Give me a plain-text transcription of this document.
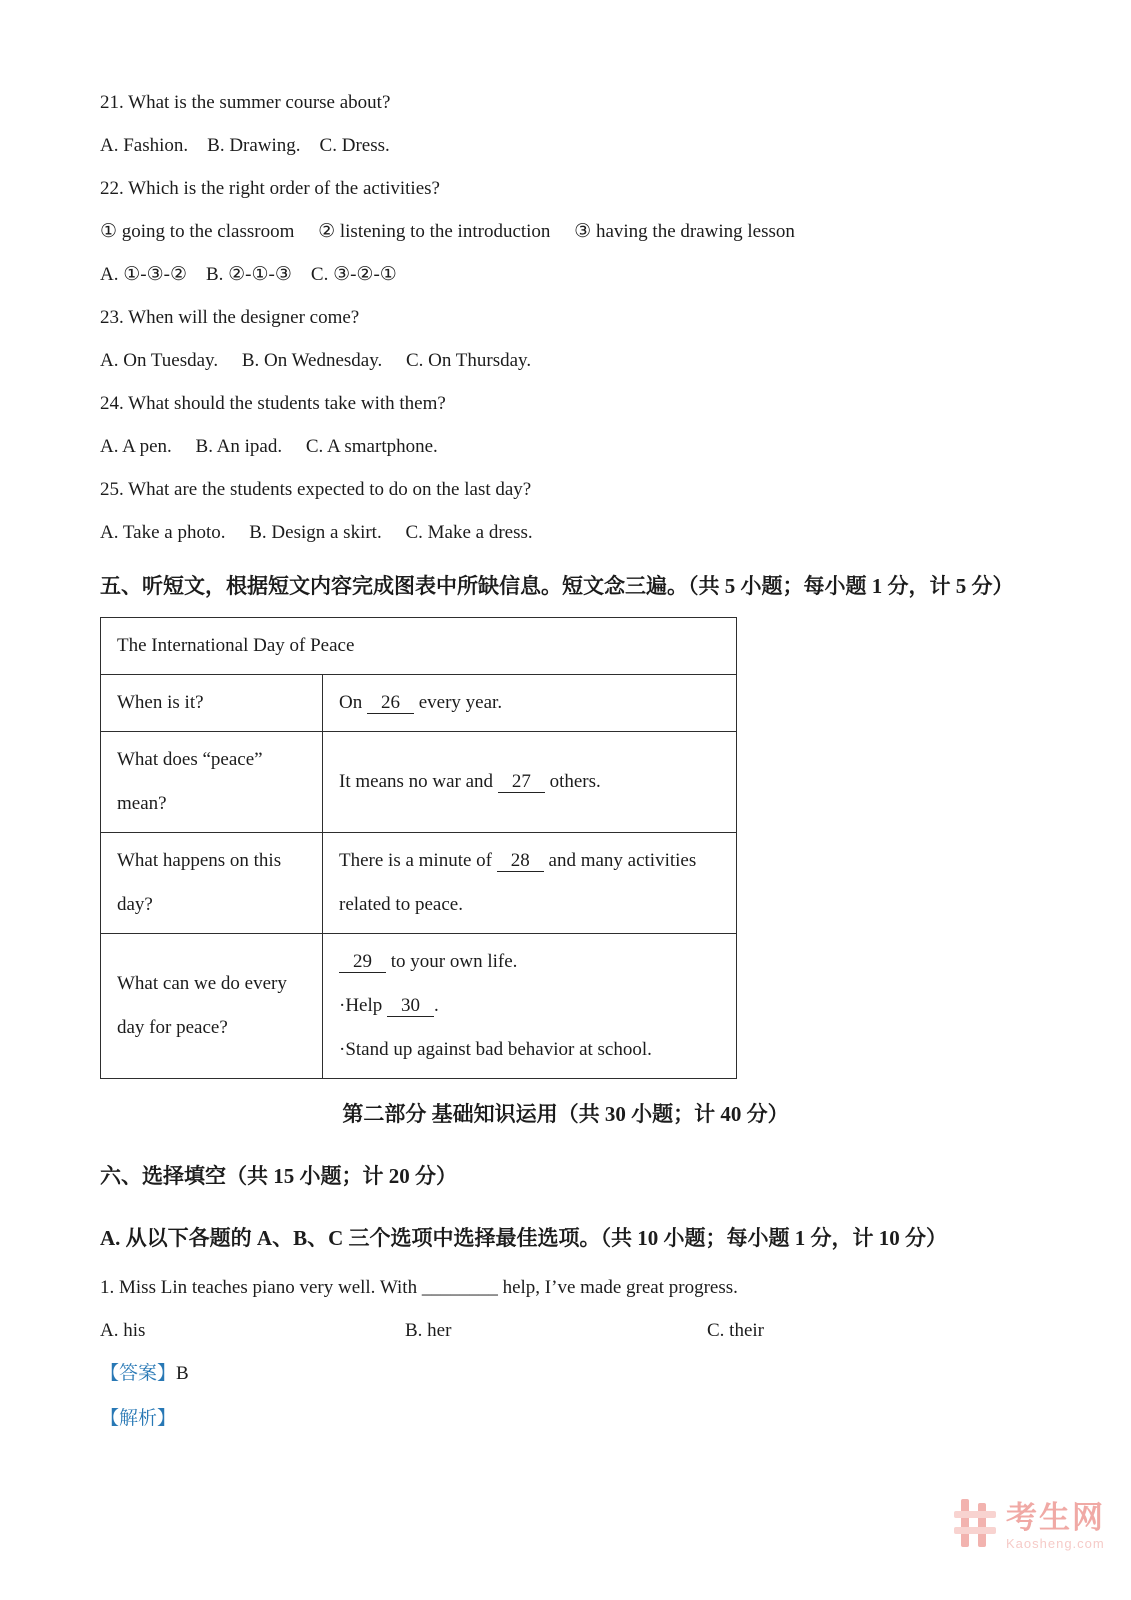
21. What is the summer course about?

A. Fashion.    B. Drawing.    C. Dress.

22. Which is the right order of the activities?

① going to the classroom     ② listening to the introduction     ③ having the drawing lesson

A. ①-③-②    B. ②-①-③    C. ③-②-①

23. When will the designer come?

A. On Tuesday.     B. On Wednesday.     C. On Thursday.

24. What should the students take with them?

A. A pen.     B. An ipad.     C. A smartphone.

25. What are the students expected to do on the last day?

A. Take a photo.     B. Design a skirt.     C. Make a dress.

五、听短文，根据短文内容完成图表中所缺信息。短文念三遍。（共 5 小题；每小题 1 分，计 5 分）

The International Day of Peace	
When is it?	On 26 every year.
What does “peace” mean?	It means no war and 27 others.
What happens on this day?	There is a minute of 28 and many activities related to peace.
What can we do every day for peace?	29 to your own life.
·Help 30 .
·Stand up against bad behavior at school.

第二部分 基础知识运用（共 30 小题；计 40 分）

六、选择填空（共 15 小题；计 20 分）

A. 从以下各题的 A、B、C 三个选项中选择最佳选项。（共 10 小题；每小题 1 分，计 10 分）

1. Miss Lin teaches piano very well. With ________ help, I’ve made great progress.

A. his	B. her	C. their

【答案】B

【解析】

考生网
Kaosheng.com
